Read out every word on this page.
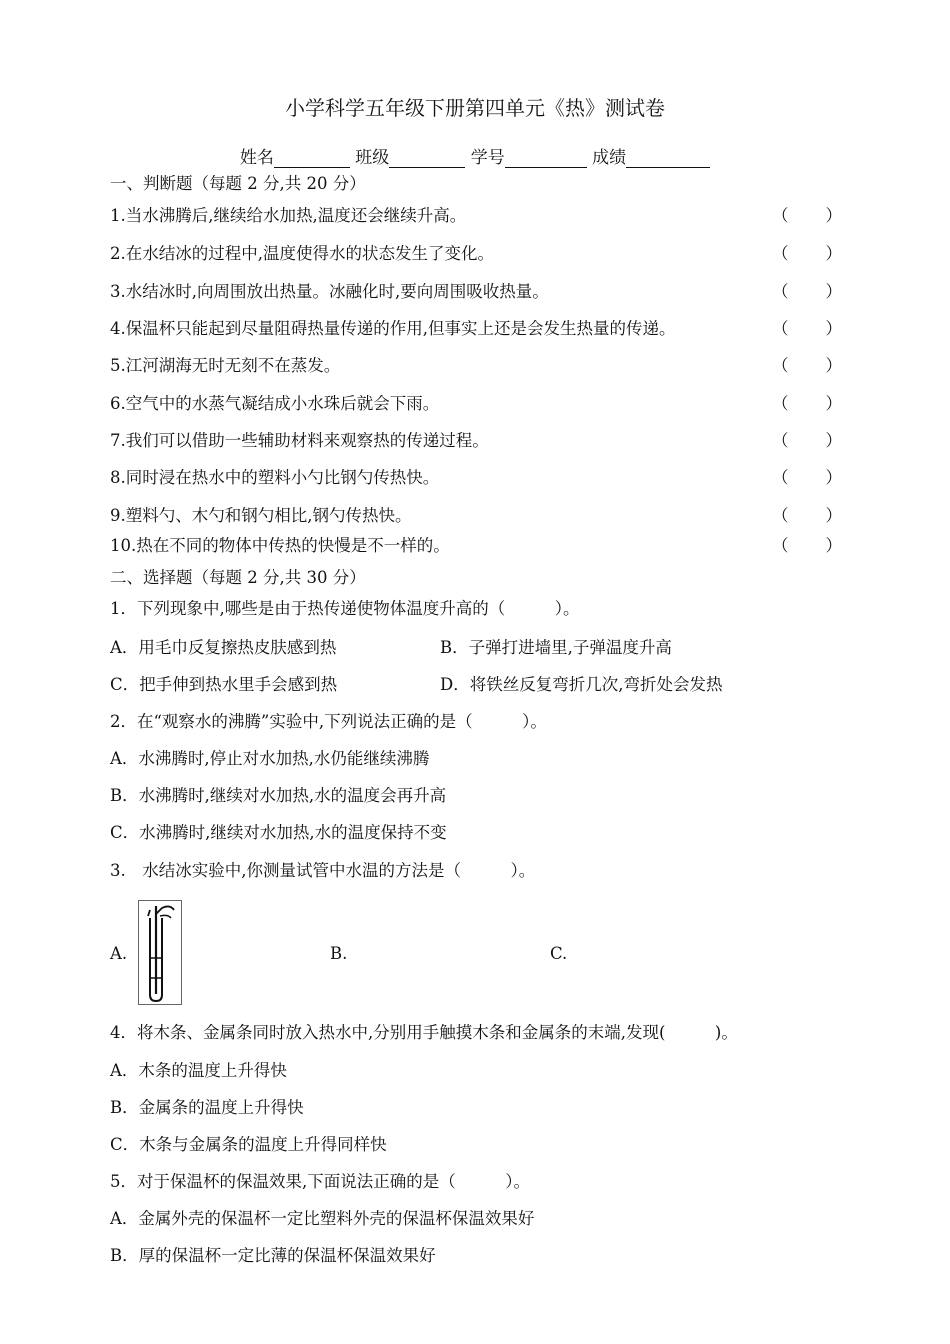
小学科学五年级下册第四单元《热》测试卷
姓名	班级	学号	成绩
一、判断题（每题 2 分,共 20 分）
1.当水沸腾后,继续给水加热,温度还会继续升高。	（ ）
2.在水结冰的过程中,温度使得水的状态发生了变化。	（ ）
3.水结冰时,向周围放出热量。冰融化时,要向周围吸收热量。	（ ）
4.保温杯只能起到尽量阻碍热量传递的作用,但事实上还是会发生热量的传递。	（ ）
5.江河湖海无时无刻不在蒸发。	（ ）
6.空气中的水蒸气凝结成小水珠后就会下雨。	（ ）
7.我们可以借助一些辅助材料来观察热的传递过程。	（ ）
8.同时浸在热水中的塑料小勺比钢勺传热快。	（ ）
9.塑料勺、木勺和钢勺相比,钢勺传热快。	（ ）
10.热在不同的物体中传热的快慢是不一样的。	（ ）
二、选择题（每题 2 分,共 30 分）
1．下列现象中,哪些是由于热传递使物体温度升高的（　　　）。
A．用毛巾反复擦热皮肤感到热	B．子弹打进墙里,子弹温度升高
C．把手伸到热水里手会感到热	D．将铁丝反复弯折几次,弯折处会发热
2．在“观察水的沸腾”实验中,下列说法正确的是（　　　）。
A．水沸腾时,停止对水加热,水仍能继续沸腾
B．水沸腾时,继续对水加热,水的温度会再升高
C．水沸腾时,继续对水加热,水的温度保持不变
3.　水结冰实验中,你测量试管中水温的方法是（　　　）。
A.	B.	C.
4．将木条、金属条同时放入热水中,分别用手触摸木条和金属条的末端,发现(　　　)。
A．木条的温度上升得快
B．金属条的温度上升得快
C．木条与金属条的温度上升得同样快
5．对于保温杯的保温效果,下面说法正确的是（　　　）。
A．金属外壳的保温杯一定比塑料外壳的保温杯保温效果好
B．厚的保温杯一定比薄的保温杯保温效果好
